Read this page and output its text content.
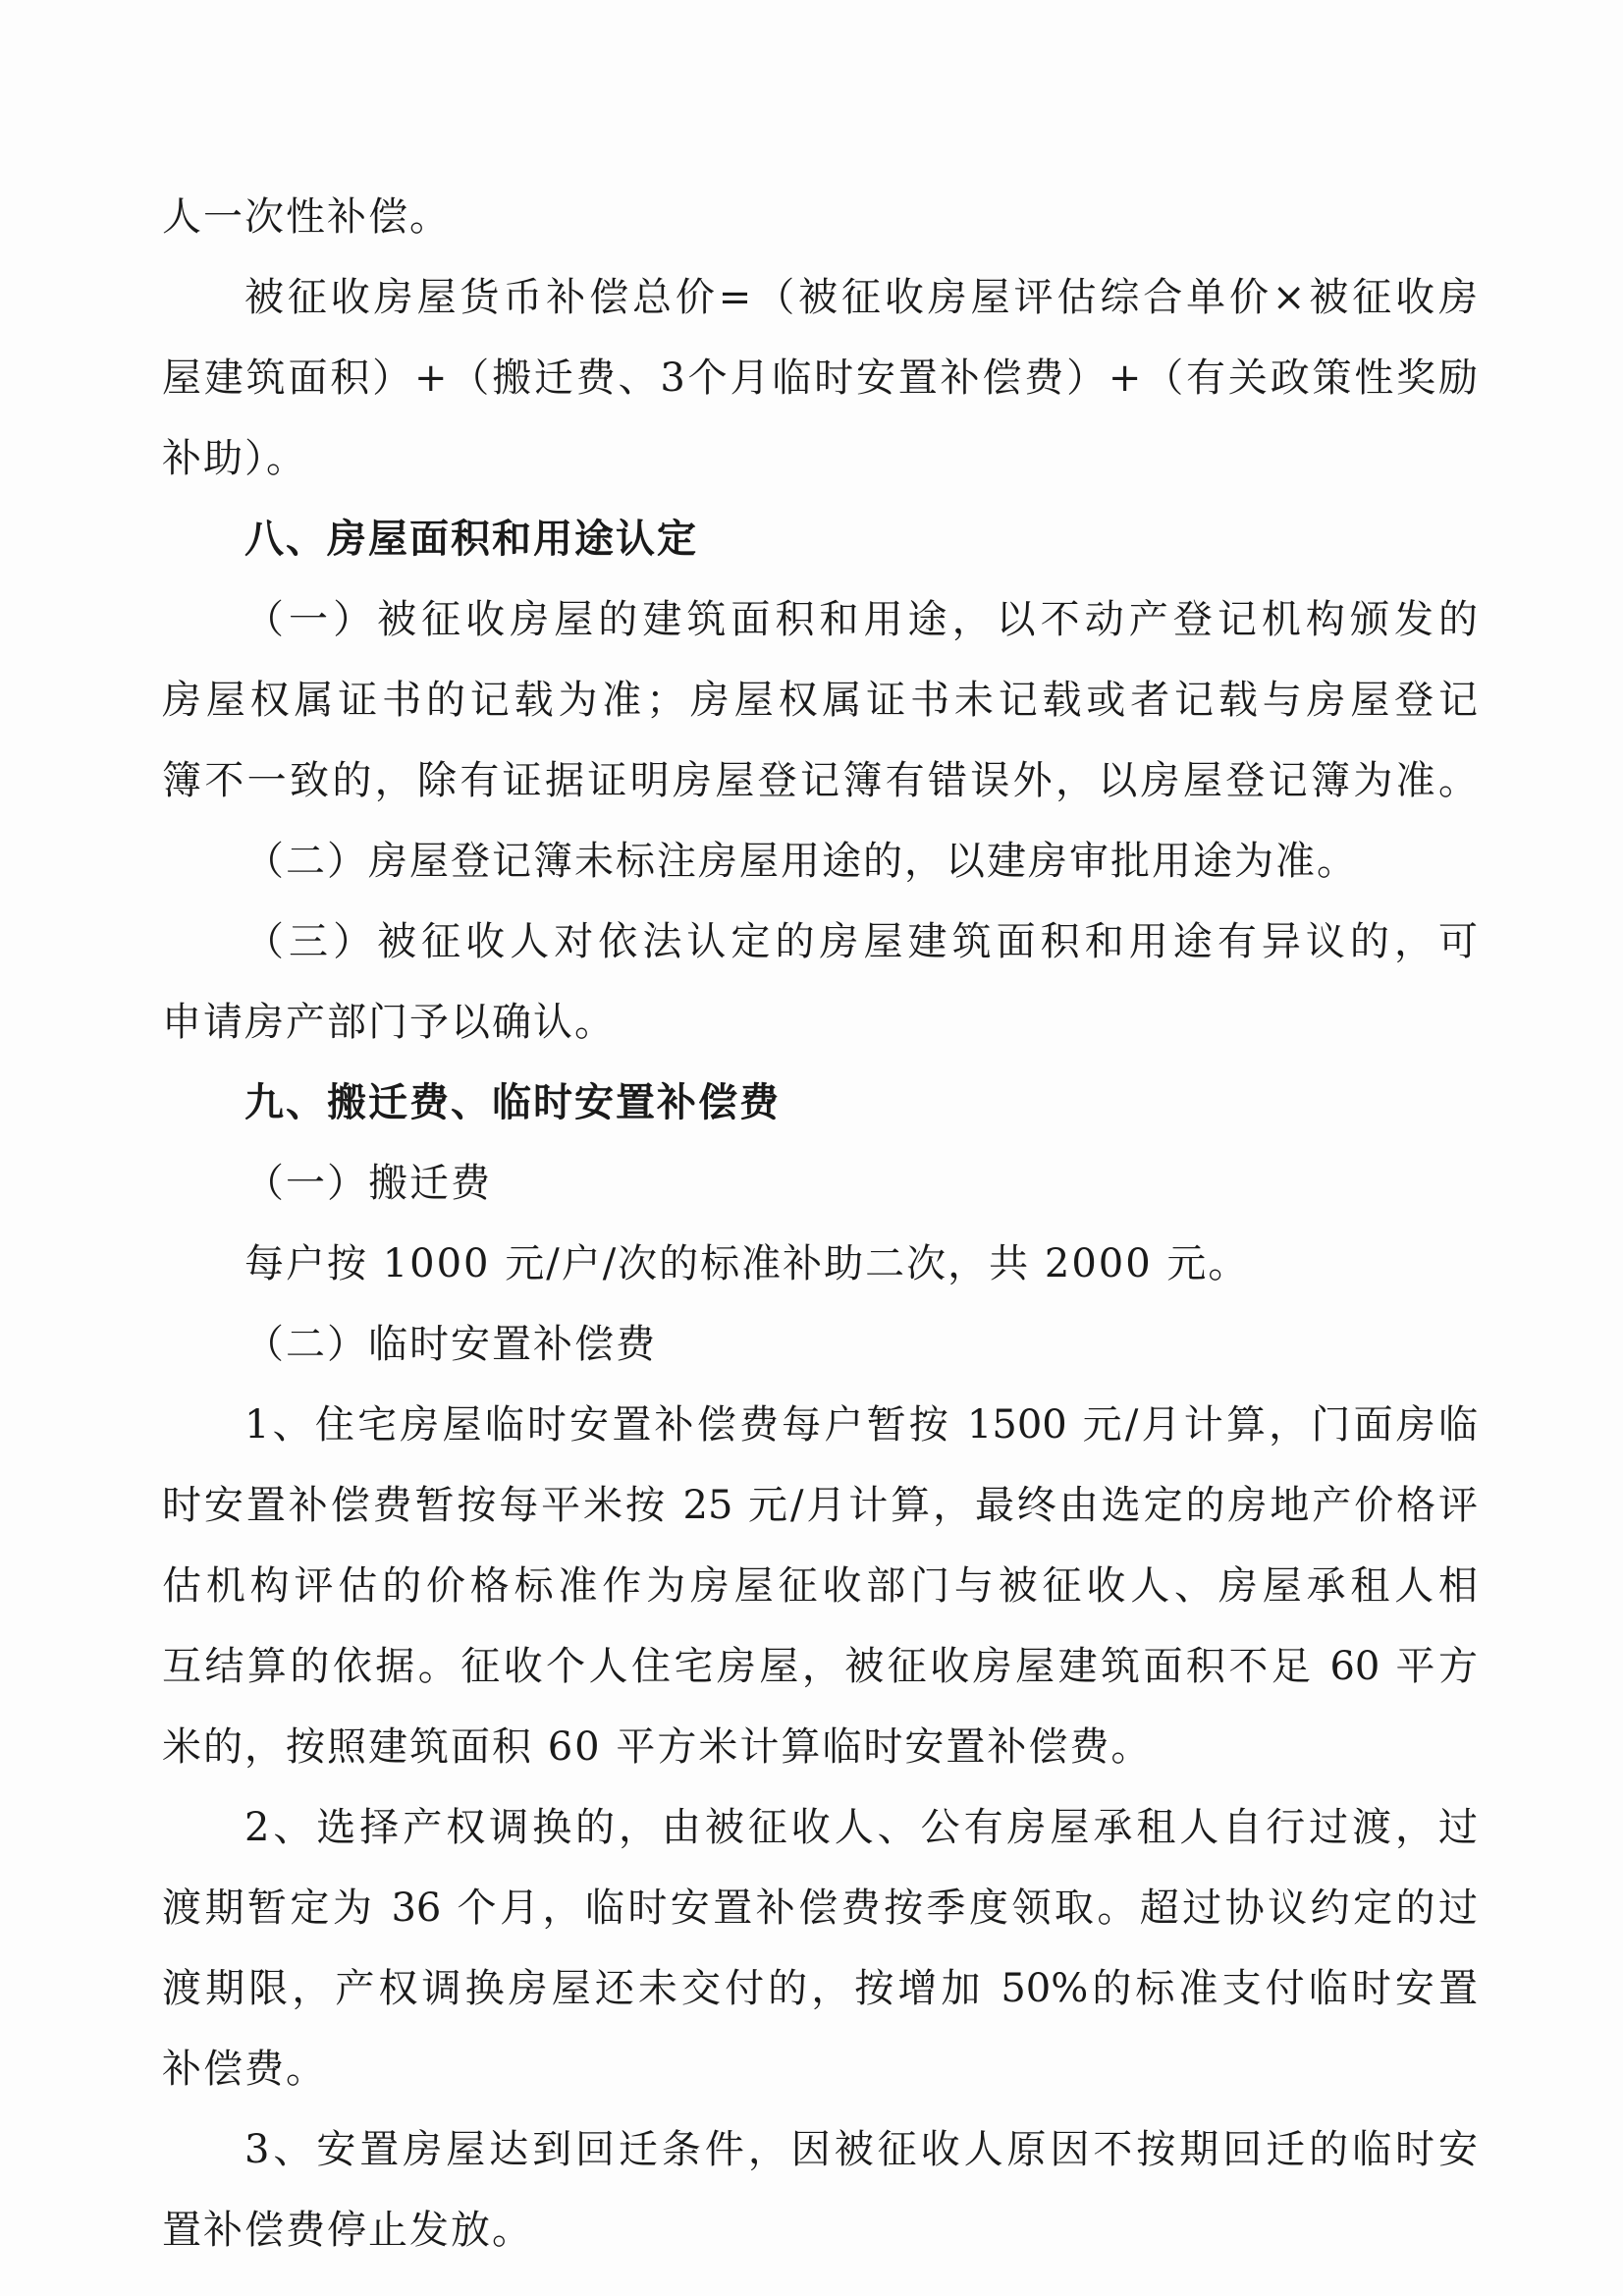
人一次性补偿。
被征收房屋货币补偿总价=（被征收房屋评估综合单价×被征收房
屋建筑面积）+（搬迁费、3个月临时安置补偿费）+（有关政策性奖励
补助）。
八、房屋面积和用途认定
（一）被征收房屋的建筑面积和用途，以不动产登记机构颁发的
房屋权属证书的记载为准；房屋权属证书未记载或者记载与房屋登记
簿不一致的，除有证据证明房屋登记簿有错误外，以房屋登记簿为准。
（二）房屋登记簿未标注房屋用途的，以建房审批用途为准。
（三）被征收人对依法认定的房屋建筑面积和用途有异议的，可
申请房产部门予以确认。
九、搬迁费、临时安置补偿费
（一）搬迁费
每户按 1000 元/户/次的标准补助二次，共 2000 元。
（二）临时安置补偿费
1、住宅房屋临时安置补偿费每户暂按 1500 元/月计算，门面房临
时安置补偿费暂按每平米按 25 元/月计算，最终由选定的房地产价格评
估机构评估的价格标准作为房屋征收部门与被征收人、房屋承租人相
互结算的依据。征收个人住宅房屋，被征收房屋建筑面积不足 60 平方
米的，按照建筑面积 60 平方米计算临时安置补偿费。
2、选择产权调换的，由被征收人、公有房屋承租人自行过渡，过
渡期暂定为 36 个月，临时安置补偿费按季度领取。超过协议约定的过
渡期限，产权调换房屋还未交付的，按增加 50%的标准支付临时安置
补偿费。
3、安置房屋达到回迁条件，因被征收人原因不按期回迁的临时安
置补偿费停止发放。
